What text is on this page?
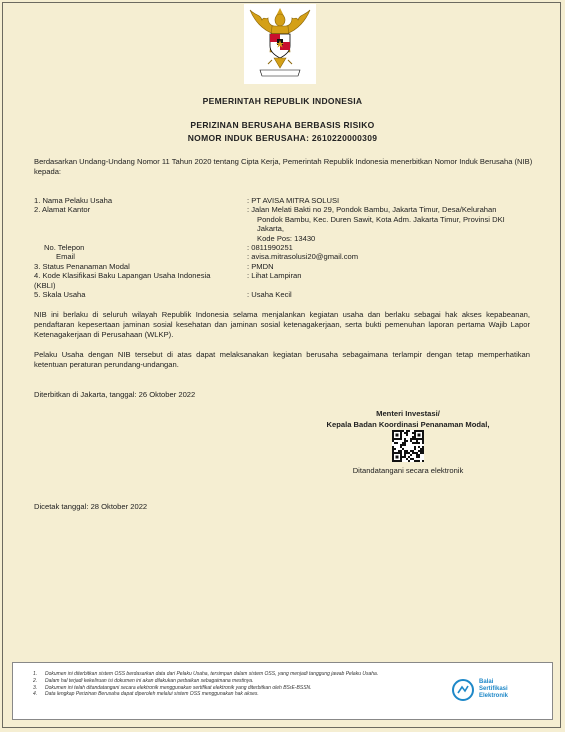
PEMERINTAH REPUBLIK INDONESIA
PERIZINAN BERUSAHA BERBASIS RISIKO
NOMOR INDUK BERUSAHA: 2610220000309
Berdasarkan Undang-Undang Nomor 11 Tahun 2020 tentang Cipta Kerja, Pemerintah Republik Indonesia menerbitkan Nomor Induk Berusaha (NIB) kepada:
1. Nama Pelaku Usaha	: PT AVISA MITRA SOLUSI
2. Alamat Kantor	: Jalan Melati Bakti no 29, Pondok Bambu, Jakarta Timur, Desa/Kelurahan
Pondok Bambu, Kec. Duren Sawit, Kota Adm. Jakarta Timur, Provinsi DKI
Jakarta,
Kode Pos: 13430
No. Telepon	: 0811990251
Email	: avisa.mitrasolusi20@gmail.com
3. Status Penanaman Modal	: PMDN
4. Kode Klasifikasi Baku Lapangan Usaha Indonesia	: Lihat Lampiran
(KBLI)
5. Skala Usaha	: Usaha Kecil
NIB ini berlaku di seluruh wilayah Republik Indonesia selama menjalankan kegiatan usaha dan berlaku sebagai hak akses kepabeanan, pendaftaran kepesertaan jaminan sosial kesehatan dan jaminan sosial ketenagakerjaan, serta bukti pemenuhan laporan pertama Wajib Lapor Ketenagakerjaan di Perusahaan (WLKP).
Pelaku Usaha dengan NIB tersebut di atas dapat melaksanakan kegiatan berusaha sebagaimana terlampir dengan tetap memperhatikan ketentuan peraturan perundang-undangan.
Diterbitkan di Jakarta, tanggal: 26 Oktober 2022
Menteri Investasi/
Kepala Badan Koordinasi Penanaman Modal,
Ditandatangani secara elektronik
Dicetak tanggal: 28 Oktober 2022
1. Dokumen ini diterbitkan sistem OSS berdasarkan data dari Pelaku Usaha, tersimpan dalam sistem OSS, yang menjadi tanggung jawab Pelaku Usaha.
2. Dalam hal terjadi kekeliruan isi dokumen ini akan dilakukan perbaikan sebagaimana mestinya.
3. Dokumen ini telah ditandatangani secara elektronik menggunakan sertifikat elektronik yang diterbitkan oleh BSrE-BSSN.
4. Data lengkap Perizinan Berusaha dapat diperoleh melalui sistem OSS menggunakan hak akses.
Balai
Sertifikasi
Elektronik
